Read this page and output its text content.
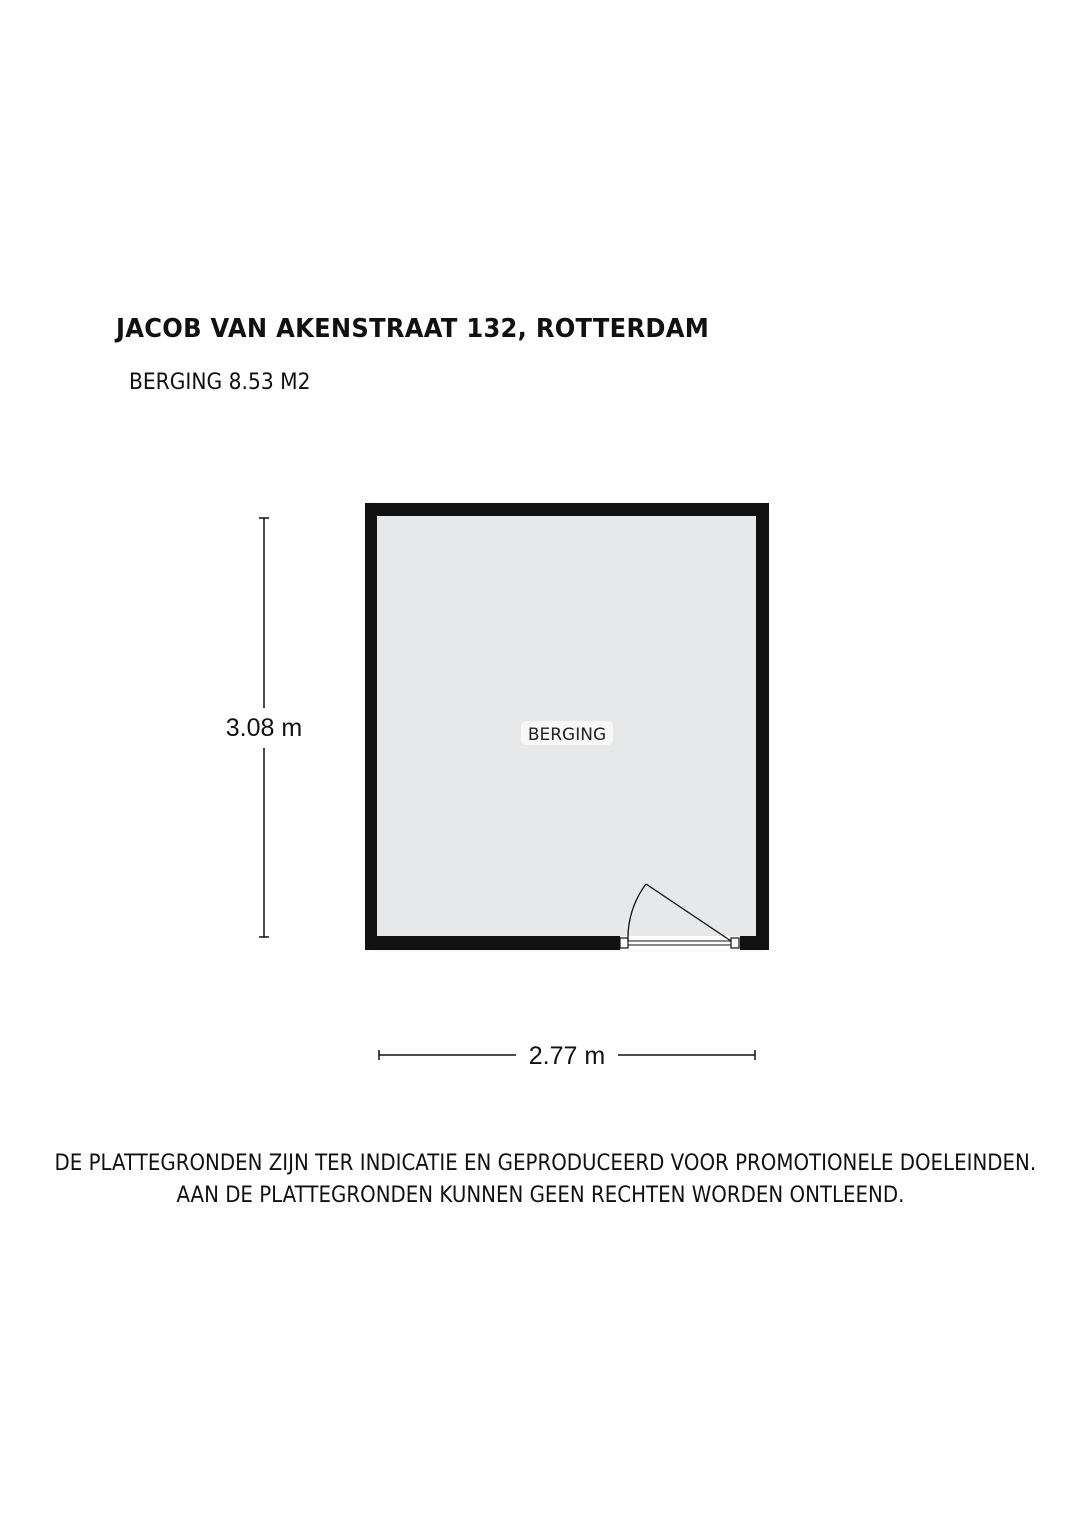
JACOB VAN AKENSTRAAT 132, ROTTERDAM
BERGING 8.53 M2
3.08 m	BERGING
2.77 m
DE PLATTEGRONDEN ZIJN TER INDICATIE EN GEPRODUCEERD VOOR PROMOTIONELE DOELEINDEN.
AAN DE PLATTEGRONDEN KUNNEN GEEN RECHTEN WORDEN ONTLEEND.
